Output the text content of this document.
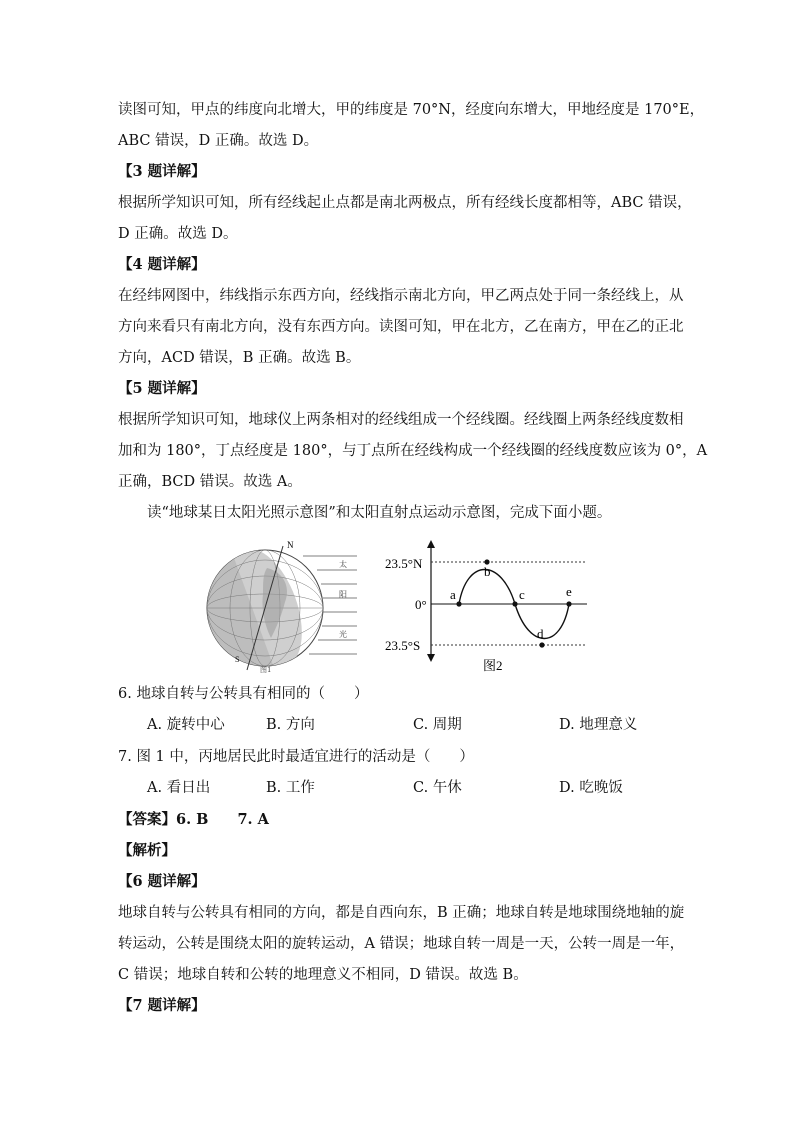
读图可知，甲点的纬度向北增大，甲的纬度是 70°N，经度向东增大，甲地经度是 170°E，
ABC 错误，D 正确。故选 D。
【3 题详解】
根据所学知识可知，所有经线起止点都是南北两极点，所有经线长度都相等，ABC 错误，
D 正确。故选 D。
【4 题详解】
在经纬网图中，纬线指示东西方向，经线指示南北方向，甲乙两点处于同一条经线上，从
方向来看只有南北方向，没有东西方向。读图可知，甲在北方，乙在南方，甲在乙的正北
方向，ACD 错误，B 正确。故选 B。
【5 题详解】
根据所学知识可知，地球仪上两条相对的经线组成一个经线圈。经线圈上两条经线度数相
加和为 180°，丁点经度是 180°，与丁点所在经线构成一个经线圈的经线度数应该为 0°，A
正确，BCD 错误。故选 A。
读“地球某日太阳光照示意图”和太阳直射点运动示意图，完成下面小题。
N
S
太
阳
光
图1
23.5°N
0°
23.5°S
a
b
c
d
e
图2
6. 地球自转与公转具有相同的（　　）
A. 旋转中心	B. 方向	C. 周期	D. 地理意义
7. 图 1 中，丙地居民此时最适宜进行的活动是（　　）
A. 看日出	B. 工作	C. 午休	D. 吃晚饭
【答案】6. B　　7. A
【解析】
【6 题详解】
地球自转与公转具有相同的方向，都是自西向东，B 正确；地球自转是地球围绕地轴的旋
转运动，公转是围绕太阳的旋转运动，A 错误；地球自转一周是一天，公转一周是一年，
C 错误；地球自转和公转的地理意义不相同，D 错误。故选 B。
【7 题详解】
